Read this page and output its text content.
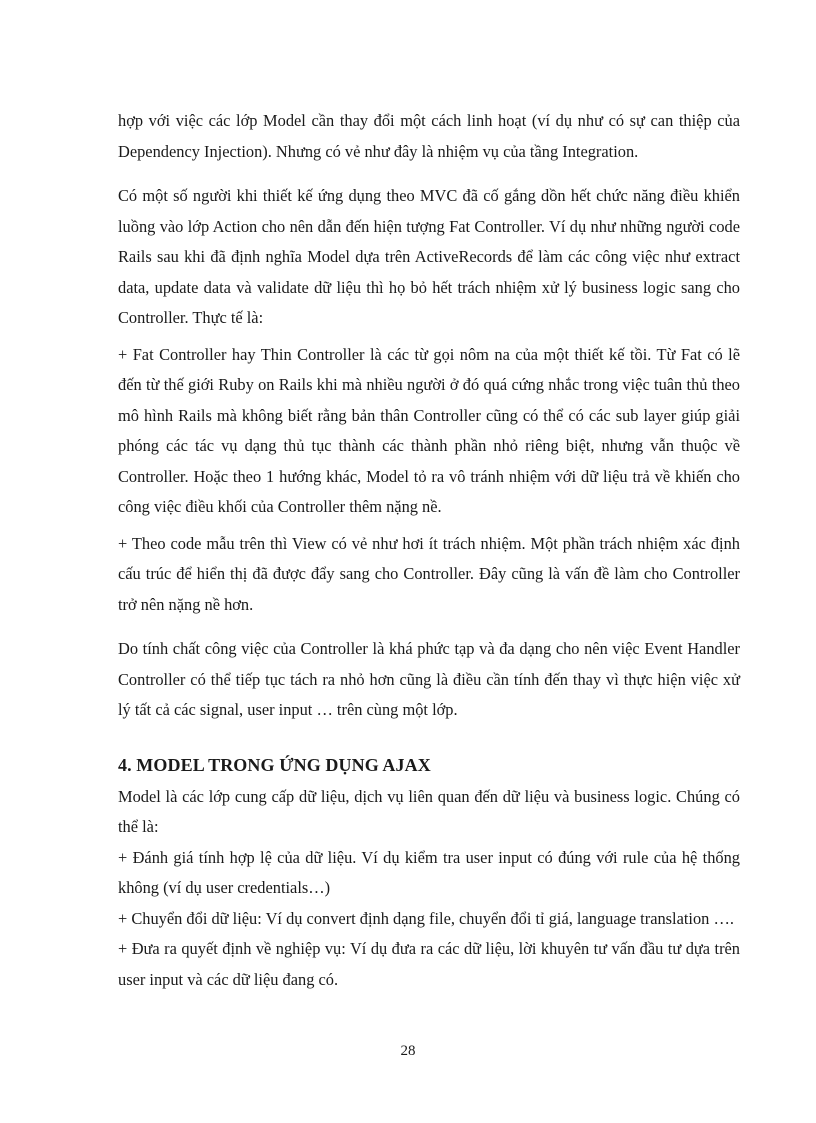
hợp với việc các lớp Model cần thay đổi một cách linh hoạt (ví dụ như có sự can thiệp của Dependency Injection). Nhưng có vẻ như đây là nhiệm vụ của tầng Integration.

Có một số người khi thiết kế ứng dụng theo MVC đã cố gắng dồn hết chức năng điều khiển luồng vào lớp Action cho nên dẫn đến hiện tượng Fat Controller. Ví dụ như những người code Rails sau khi đã định nghĩa Model dựa trên ActiveRecords để làm các công việc như extract data, update data và validate dữ liệu thì họ bỏ hết trách nhiệm xử lý business logic sang cho Controller. Thực tế là:

+ Fat Controller hay Thin Controller là các từ gọi nôm na của một thiết kế tồi. Từ Fat có lẽ đến từ thế giới Ruby on Rails khi mà nhiều người ở đó quá cứng nhắc trong việc tuân thủ theo mô hình Rails mà không biết rằng bản thân Controller cũng có thể có các sub layer giúp giải phóng các tác vụ dạng thủ tục thành các thành phần nhỏ riêng biệt, nhưng vẫn thuộc về Controller. Hoặc theo 1 hướng khác, Model tỏ ra vô tránh nhiệm với dữ liệu trả về khiến cho công việc điều khối của Controller thêm nặng nề.

+ Theo code mẫu trên thì View có vẻ như hơi ít trách nhiệm. Một phần trách nhiệm xác định cấu trúc để hiển thị đã được đẩy sang cho Controller. Đây cũng là vấn đề làm cho Controller trở nên nặng nề hơn.

Do tính chất công việc của Controller là khá phức tạp và đa dạng cho nên việc Event Handler Controller có thể tiếp tục tách ra nhỏ hơn cũng là điều cần tính đến thay vì thực hiện việc xử lý tất cả các signal, user input … trên cùng một lớp.

4. MODEL TRONG ỨNG DỤNG AJAX

Model là các lớp cung cấp dữ liệu, dịch vụ liên quan đến dữ liệu và business logic. Chúng có thể là:

+ Đánh giá tính hợp lệ của dữ liệu. Ví dụ kiểm tra user input có đúng với rule của hệ thống không (ví dụ user credentials…)

+ Chuyển đổi dữ liệu: Ví dụ convert định dạng file, chuyển đổi tỉ giá, language translation ….

+ Đưa ra quyết định về nghiệp vụ: Ví dụ đưa ra các dữ liệu, lời khuyên tư vấn đầu tư dựa trên user input và các dữ liệu đang có.

28
